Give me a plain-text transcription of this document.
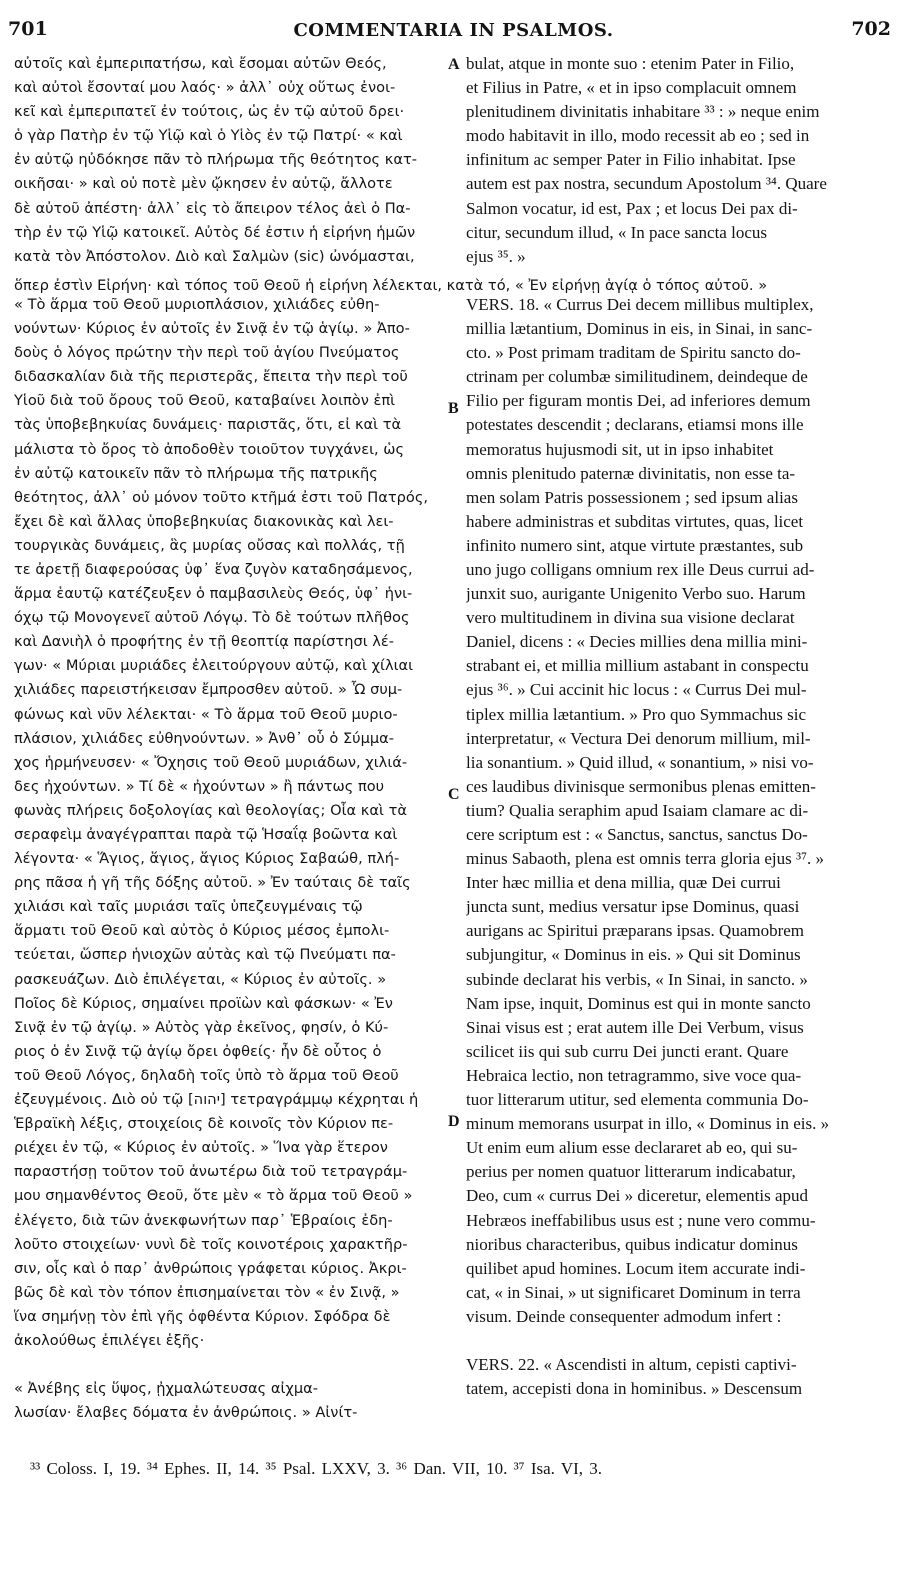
701	COMMENTARIA IN PSALMOS.	702
αὐτοῖς καὶ ἐμπεριπατήσω, καὶ ἔσομαι αὐτῶν Θεός,
καὶ αὐτοὶ ἔσονταί μου λαός· » ἀλλ᾽ οὐχ οὕτως ἐνοι-
κεῖ καὶ ἐμπεριπατεῖ ἐν τούτοις, ὡς ἐν τῷ αὐτοῦ δρει·
ὁ γὰρ Πατὴρ ἐν τῷ Υἱῷ καὶ ὁ Υἱὸς ἐν τῷ Πατρί· « καὶ
ἐν αὐτῷ ηὐδόκησε πᾶν τὸ πλήρωμα τῆς θεότητος κατ-
οικῆσαι· » καὶ οὐ ποτὲ μὲν ᾤκησεν ἐν αὐτῷ, ἄλλοτε
δὲ αὐτοῦ ἀπέστη· ἀλλ᾽ εἰς τὸ ἄπειρον τέλος ἀεὶ ὁ Πα-
τὴρ ἐν τῷ Υἱῷ κατοικεῖ. Αὐτὸς δέ ἐστιν ἡ εἰρήνη ἡμῶν
κατὰ τὸν Ἀπόστολον. Διὸ καὶ Σαλμὼν (sic) ὠνόμασται,
« Τὸ ἅρμα τοῦ Θεοῦ μυριοπλάσιον, χιλιάδες εὐθη-
νούντων· Κύριος ἐν αὐτοῖς ἐν Σινᾷ ἐν τῷ ἁγίῳ. » Ἀπο-
δοὺς ὁ λόγος πρώτην τὴν περὶ τοῦ ἁγίου Πνεύματος
διδασκαλίαν διὰ τῆς περιστερᾶς, ἔπειτα τὴν περὶ τοῦ
Υἱοῦ διὰ τοῦ ὄρους τοῦ Θεοῦ, καταβαίνει λοιπὸν ἐπὶ
τὰς ὑποβεβηκυίας δυνάμεις· παριστᾶς, ὅτι, εἰ καὶ τὰ
μάλιστα τὸ ὄρος τὸ ἀποδοθὲν τοιοῦτον τυγχάνει, ὡς
ἐν αὐτῷ κατοικεῖν πᾶν τὸ πλήρωμα τῆς πατρικῆς
θεότητος, ἀλλ᾽ οὐ μόνον τοῦτο κτῆμά ἐστι τοῦ Πατρός,
ἔχει δὲ καὶ ἄλλας ὑποβεβηκυίας διακονικὰς καὶ λει-
τουργικὰς δυνάμεις, ἃς μυρίας οὔσας καὶ πολλάς, τῇ
τε ἀρετῇ διαφερούσας ὑφ᾽ ἕνα ζυγὸν καταδησάμενος,
ἅρμα ἑαυτῷ κατέζευξεν ὁ παμβασιλεὺς Θεός, ὑφ᾽ ἡνι-
όχῳ τῷ Μονογενεῖ αὐτοῦ Λόγῳ. Τὸ δὲ τούτων πλῆθος
καὶ Δανιὴλ ὁ προφήτης ἐν τῇ θεοπτίᾳ παρίστησι λέ-
γων· « Μύριαι μυριάδες ἐλειτούργουν αὐτῷ, καὶ χίλιαι
χιλιάδες παρειστήκεισαν ἔμπροσθεν αὐτοῦ. » Ὧ συμ-
φώνως καὶ νῦν λέλεκται· « Τὸ ἅρμα τοῦ Θεοῦ μυριο-
πλάσιον, χιλιάδες εὐθηνούντων. » Ἀνθ᾽ οὗ ὁ Σύμμα-
χος ἡρμήνευσεν· « Ὄχησις τοῦ Θεοῦ μυριάδων, χιλιά-
δες ἠχούντων. » Τί δὲ « ἠχούντων » ἢ πάντως που
φωνὰς πλήρεις δοξολογίας καὶ θεολογίας; Οἷα καὶ τὰ
σεραφεὶμ ἀναγέγραπται παρὰ τῷ Ἡσαΐᾳ βοῶντα καὶ
λέγοντα· « Ἅγιος, ἅγιος, ἅγιος Κύριος Σαβαώθ, πλή-
ρης πᾶσα ἡ γῆ τῆς δόξης αὐτοῦ. » Ἐν ταύταις δὲ ταῖς
χιλιάσι καὶ ταῖς μυριάσι ταῖς ὑπεζευγμέναις τῷ
ἅρματι τοῦ Θεοῦ καὶ αὐτὸς ὁ Κύριος μέσος ἐμπολι-
τεύεται, ὥσπερ ἡνιοχῶν αὐτὰς καὶ τῷ Πνεύματι πα-
ρασκευάζων. Διὸ ἐπιλέγεται, « Κύριος ἐν αὐτοῖς. »
Ποῖος δὲ Κύριος, σημαίνει προϊὼν καὶ φάσκων· « Ἐν
Σινᾷ ἐν τῷ ἁγίῳ. » Αὐτὸς γὰρ ἐκεῖνος, φησίν, ὁ Κύ-
ριος ὁ ἐν Σινᾷ τῷ ἁγίῳ ὄρει ὀφθείς· ἦν δὲ οὗτος ὁ
τοῦ Θεοῦ Λόγος, δηλαδὴ τοῖς ὑπὸ τὸ ἅρμα τοῦ Θεοῦ
ἐζευγμένοις. Διὸ οὐ τῷ [יהוה] τετραγράμμῳ κέχρηται ἡ
Ἑβραϊκὴ λέξις, στοιχείοις δὲ κοινοῖς τὸν Κύριον πε-
ριέχει ἐν τῷ, « Κύριος ἐν αὐτοῖς. » Ἵνα γὰρ ἕτερον
παραστήσῃ τοῦτον τοῦ ἀνωτέρω διὰ τοῦ τετραγράμ-
μου σημανθέντος Θεοῦ, ὅτε μὲν « τὸ ἅρμα τοῦ Θεοῦ »
ἐλέγετο, διὰ τῶν ἀνεκφωνήτων παρ᾽ Ἑβραίοις ἐδη-
λοῦτο στοιχείων· νυνὶ δὲ τοῖς κοινοτέροις χαρακτῆρ-
σιν, οἷς καὶ ὁ παρ᾽ ἀνθρώποις γράφεται κύριος. Ἀκρι-
βῶς δὲ καὶ τὸν τόπον ἐπισημαίνεται τὸν « ἐν Σινᾷ, »
ἵνα σημήνῃ τὸν ἐπὶ γῆς ὀφθέντα Κύριον. Σφόδρα δὲ
ἀκολούθως ἐπιλέγει ἑξῆς·
« Ἀνέβης εἰς ὕψος, ᾐχμαλώτευσας αἰχμα-
λωσίαν· ἔλαβες δόματα ἐν ἀνθρώποις. » Αἰνίτ-
ὅπερ ἐστὶν Εἰρήνη· καὶ τόπος τοῦ Θεοῦ ἡ εἰρήνη λέλεκται, κατὰ τό, « Ἐν εἰρήνῃ ἁγίᾳ ὁ τόπος αὐτοῦ. »
bulat, atque in monte suo : etenim Pater in Filio,
et Filius in Patre, « et in ipso complacuit omnem
plenitudinem divinitatis inhabitare ³³ : » neque enim
modo habitavit in illo, modo recessit ab eo ; sed in
infinitum ac semper Pater in Filio inhabitat. Ipse
autem est pax nostra, secundum Apostolum ³⁴. Quare
Salmon vocatur, id est, Pax ; et locus Dei pax di-
citur, secundum illud, « In pace sancta locus
ejus ³⁵. »
VERS. 18. « Currus Dei decem millibus multiplex,
millia lætantium, Dominus in eis, in Sinai, in sanc-
cto. » Post primam traditam de Spiritu sancto do-
ctrinam per columbæ similitudinem, deindeque de
Filio per figuram montis Dei, ad inferiores demum
potestates descendit ; declarans, etiamsi mons ille
memoratus hujusmodi sit, ut in ipso inhabitet
omnis plenitudo paternæ divinitatis, non esse ta-
men solam Patris possessionem ; sed ipsum alias
habere administras et subditas virtutes, quas, licet
infinito numero sint, atque virtute præstantes, sub
uno jugo colligans omnium rex ille Deus currui ad-
junxit suo, aurigante Unigenito Verbo suo. Harum
vero multitudinem in divina sua visione declarat
Daniel, dicens : « Decies millies dena millia mini-
strabant ei, et millia millium astabant in conspectu
ejus ³⁶. » Cui accinit hic locus : « Currus Dei mul-
tiplex millia lætantium. » Pro quo Symmachus sic
interpretatur, « Vectura Dei denorum millium, mil-
lia sonantium. » Quid illud, « sonantium, » nisi vo-
ces laudibus divinisque sermonibus plenas emitten-
tium? Qualia seraphim apud Isaiam clamare ac di-
cere scriptum est : « Sanctus, sanctus, sanctus Do-
minus Sabaoth, plena est omnis terra gloria ejus ³⁷. »
Inter hæc millia et dena millia, quæ Dei currui
juncta sunt, medius versatur ipse Dominus, quasi
aurigans ac Spiritui præparans ipsas. Quamobrem
subjungitur, « Dominus in eis. » Qui sit Dominus
subinde declarat his verbis, « In Sinai, in sancto. »
Nam ipse, inquit, Dominus est qui in monte sancto
Sinai visus est ; erat autem ille Dei Verbum, visus
scilicet iis qui sub curru Dei juncti erant. Quare
Hebraica lectio, non tetragrammo, sive voce qua-
tuor litterarum utitur, sed elementa communia Do-
minum memorans usurpat in illo, « Dominus in eis. »
Ut enim eum alium esse declararet ab eo, qui su-
perius per nomen quatuor litterarum indicabatur,
Deo, cum « currus Dei » diceretur, elementis apud
Hebræos ineffabilibus usus est ; nune vero commu-
nioribus characteribus, quibus indicatur dominus
quilibet apud homines. Locum item accurate indi-
cat, « in Sinai, » ut significaret Dominum in terra
visum. Deinde consequenter admodum infert :
VERS. 22. « Ascendisti in altum, cepisti captivi-
tatem, accepisti dona in hominibus. » Descensum
A
B
C
D
³³ Coloss. I, 19. ³⁴ Ephes. II, 14. ³⁵ Psal. LXXV, 3. ³⁶ Dan. VII, 10. ³⁷ Isa. VI, 3.
